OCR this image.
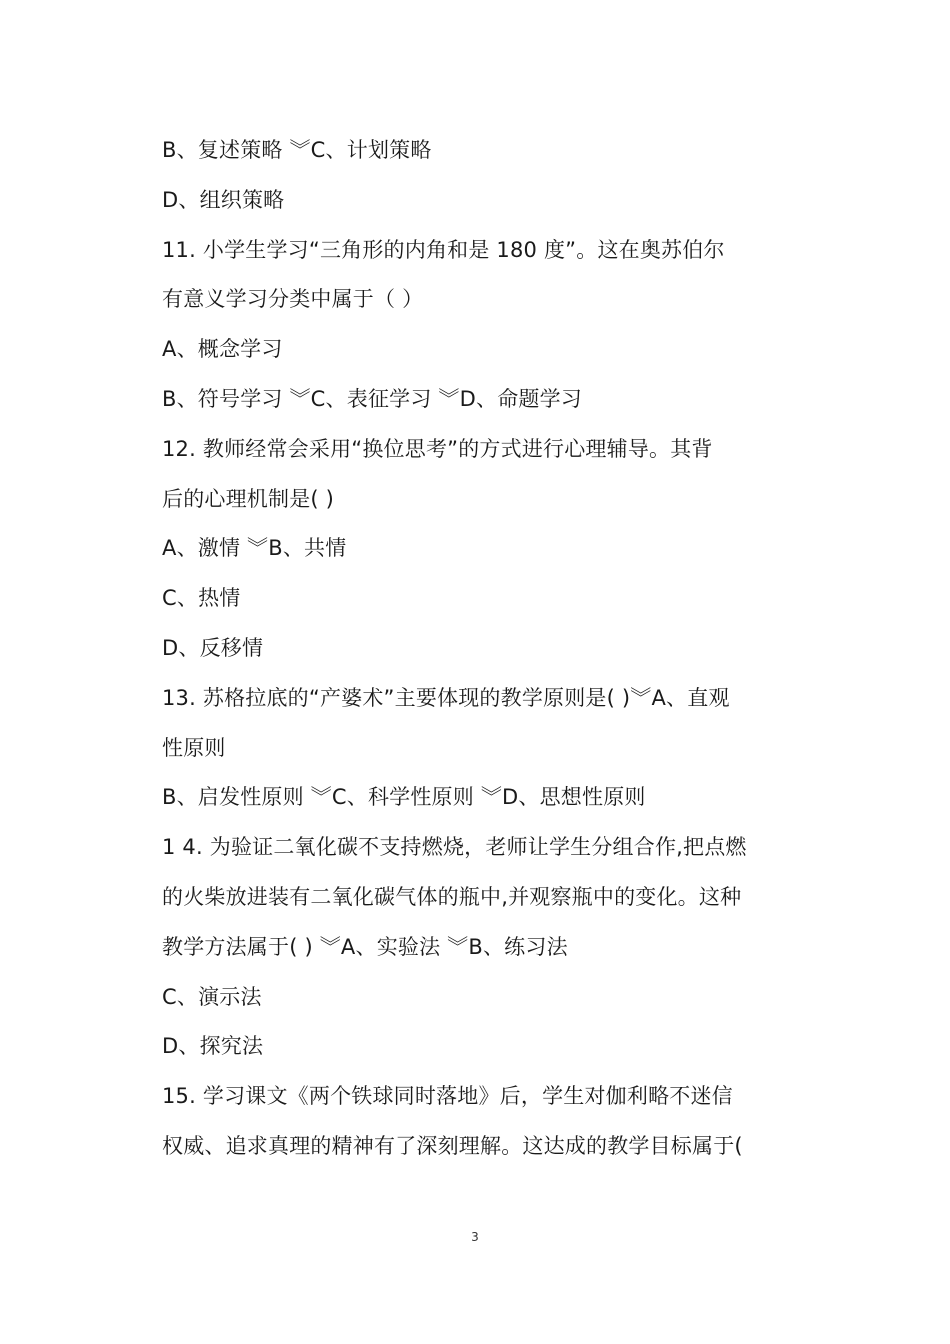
B、复述策略 ︾C、计划策略
D、组织策略
11. 小学生学习“三角形的内角和是 180 度”。这在奥苏伯尔
有意义学习分类中属于（ ）
A、概念学习
B、符号学习 ︾C、表征学习 ︾D、命题学习
12. 教师经常会采用“换位思考”的方式进行心理辅导。其背
后的心理机制是( )
A、激情 ︾B、共情
C、热情
D、反移情
13. 苏格拉底的“产婆术”主要体现的教学原则是( )︾A、直观
性原则
B、启发性原则 ︾C、科学性原则 ︾D、思想性原则
1 4. 为验证二氧化碳不支持燃烧，老师让学生分组合作,把点燃
的火柴放进装有二氧化碳气体的瓶中,并观察瓶中的变化。这种
教学方法属于( ) ︾A、实验法 ︾B、练习法
C、演示法
D、探究法
15. 学习课文《两个铁球同时落地》后，学生对伽利略不迷信
权威、追求真理的精神有了深刻理解。这达成的教学目标属于(
3
